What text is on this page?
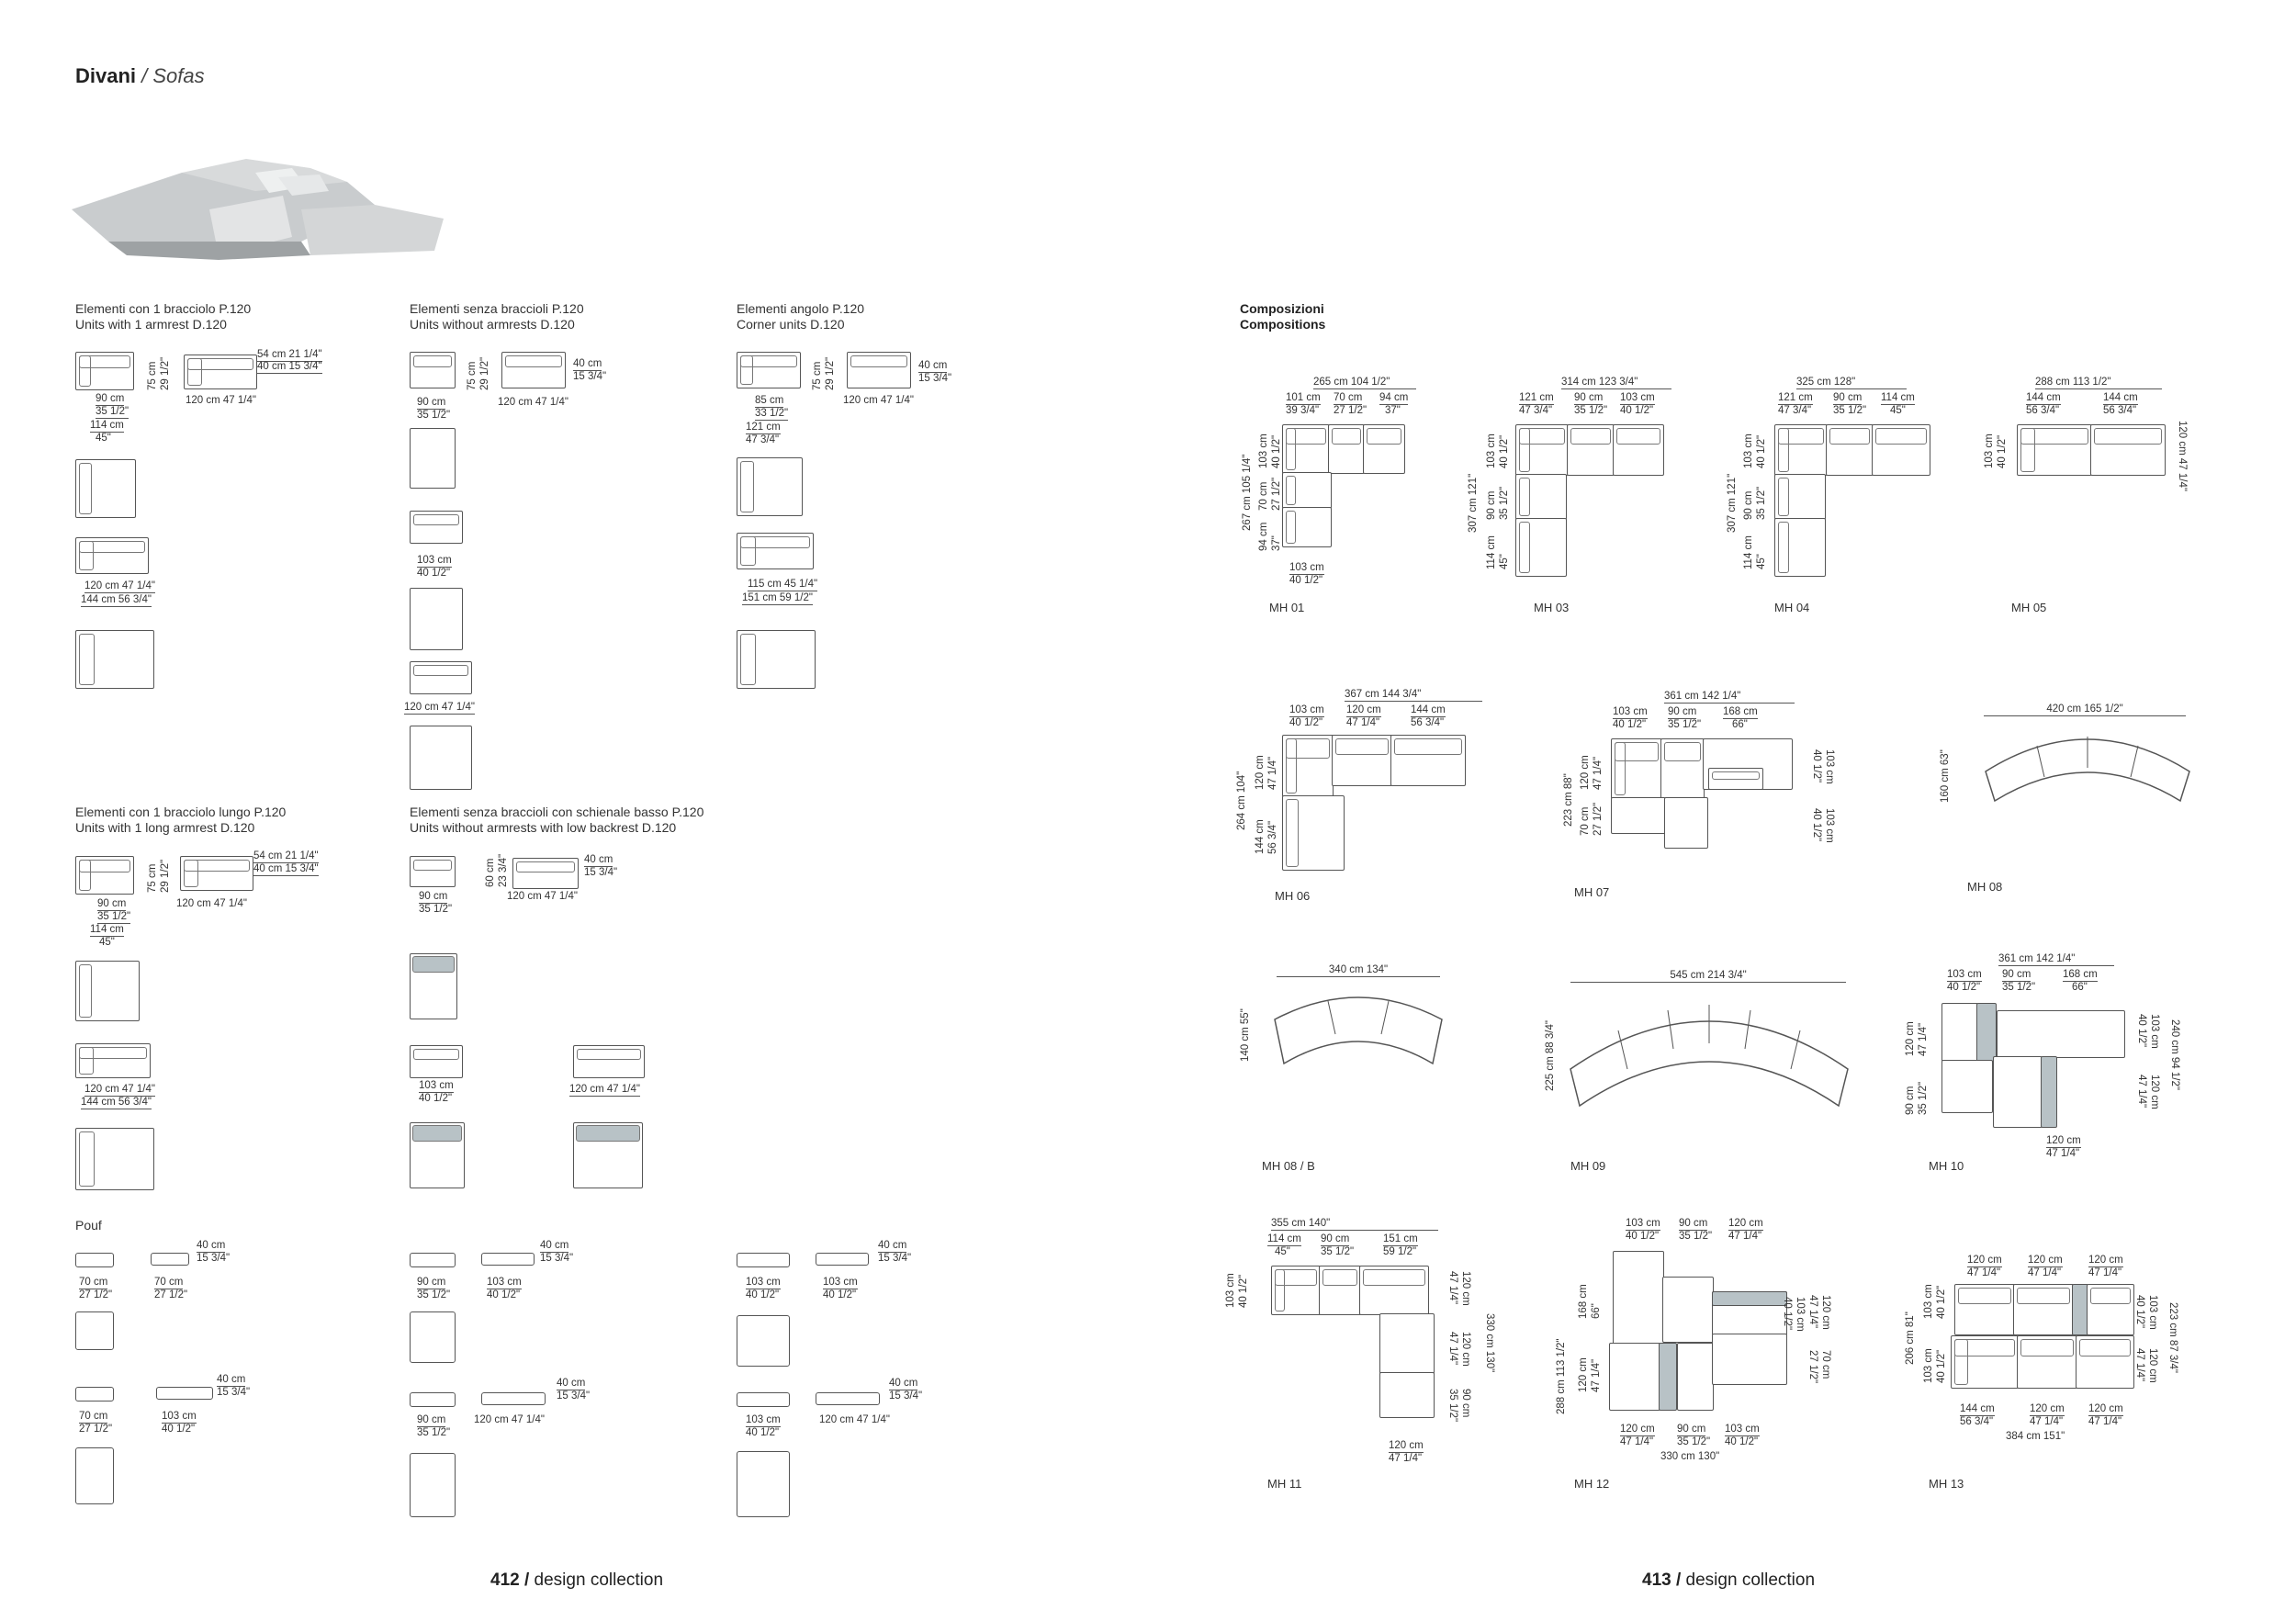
Divani / Sofas
Elementi con 1 bracciolo P.120
Units with 1 armrest D.120
Elementi senza braccioli P.120
Units without armrests D.120
Elementi angolo P.120
Corner units D.120
Elementi con 1 bracciolo lungo P.120
Units with 1 long armrest D.120
Elementi senza braccioli con schienale basso P.120
Units without armrests with low backrest D.120
Pouf
Composizioni
Compositions
75 cm 29 1/2"
54 cm 21 1/4"
40 cm 15 3/4"
90 cm
35 1/2"
120 cm 47 1/4"
114 cm
45"
120 cm 47 1/4"
144 cm 56 3/4"
75 cm 29 1/2"	40 cm
15 3/4"
90 cm
35 1/2"
120 cm 47 1/4"
103 cm
40 1/2"
120 cm 47 1/4"
75 cm 29 1/2"	40 cm
15 3/4"
85 cm
33 1/2"
120 cm 47 1/4"
121 cm
47 3/4"
115 cm 45 1/4"
151 cm 59 1/2"
75 cm 29 1/2"
54 cm 21 1/4"
40 cm 15 3/4"
90 cm
35 1/2"
120 cm 47 1/4"
114 cm
45"
120 cm 47 1/4"
144 cm 56 3/4"
60 cm 23 3/4"	40 cm
15 3/4"
90 cm
35 1/2"
120 cm 47 1/4"
103 cm
40 1/2"
120 cm 47 1/4"
40 cm
15 3/4"
70 cm
27 1/2"
70 cm
27 1/2"
40 cm
15 3/4"
70 cm
27 1/2"
103 cm
40 1/2"
40 cm
15 3/4"
90 cm
35 1/2"
103 cm
40 1/2"
40 cm
15 3/4"
90 cm
35 1/2"
120 cm 47 1/4"
40 cm
15 3/4"
103 cm
40 1/2"
103 cm
40 1/2"
40 cm
15 3/4"
103 cm
40 1/2"
120 cm 47 1/4"
265 cm 104 1/2"
101 cm
39 3/4"
70 cm
27 1/2"
94 cm
37"
267 cm 105 1/4"
103 cm 40 1/2"
70 cm 27 1/2"
94 cm 37"
103 cm
40 1/2"
MH 01
314 cm 123 3/4"
121 cm
47 3/4"
90 cm
35 1/2"
103 cm
40 1/2"
307 cm 121"
103 cm 40 1/2"
90 cm 35 1/2"
114 cm 45"
MH 03
325 cm 128"
121 cm
47 3/4"
90 cm
35 1/2"
114 cm
45"
307 cm 121"
103 cm 40 1/2"
90 cm 35 1/2"
114 cm 45"
MH 04
288 cm 113 1/2"
144 cm
56 3/4"
144 cm
56 3/4"
103 cm 40 1/2"	120 cm 47 1/4"
MH 05
367 cm 144 3/4"
103 cm
40 1/2"
120 cm
47 1/4"
144 cm
56 3/4"
264 cm 104" 120 cm 47 1/4"
144 cm 56 3/4"
MH 06
361 cm 142 1/4"
103 cm
40 1/2"
90 cm
35 1/2"
168 cm
66"
223 cm 88"
120 cm 47 1/4"
70 cm 27 1/2"
103 cm
40 1/2"
103 cm
40 1/2"
MH 07
420 cm 165 1/2"
160 cm 63"
MH 08
340 cm 134"
140 cm 55"
MH 08 / B
545 cm 214 3/4"
225 cm 88 3/4"
MH 09
361 cm 142 1/4"
103 cm
40 1/2"
90 cm
35 1/2"
168 cm
66"
120 cm 47 1/4"
90 cm 35 1/2"
103 cm
40 1/2"
120 cm
47 1/4"
240 cm 94 1/2"
120 cm
47 1/4"
MH 10
355 cm 140"
114 cm
45"
90 cm
35 1/2"
151 cm
59 1/2"
103 cm 40 1/2"	120 cm
47 1/4"
120 cm
47 1/4"
90 cm
35 1/2"
330 cm 130"
120 cm
47 1/4"
MH 11
103 cm
40 1/2"
90 cm
35 1/2"
120 cm
47 1/4"
288 cm 113 1/2"
168 cm 66"
120 cm 47 1/4"
103 cm
40 1/2"	120 cm
47 1/4"
70 cm
27 1/2"
120 cm
47 1/4"
90 cm
35 1/2"
103 cm
40 1/2"
330 cm 130"
MH 12
120 cm
47 1/4"
120 cm
47 1/4"
120 cm
47 1/4"
206 cm 81"
103 cm 40 1/2"
103 cm 40 1/2"
103 cm
40 1/2"
120 cm
47 1/4" 223 cm 87 3/4"
144 cm
56 3/4"
120 cm
47 1/4"
120 cm
47 1/4"
384 cm 151"
MH 13
412 / design collection	413 / design collection
